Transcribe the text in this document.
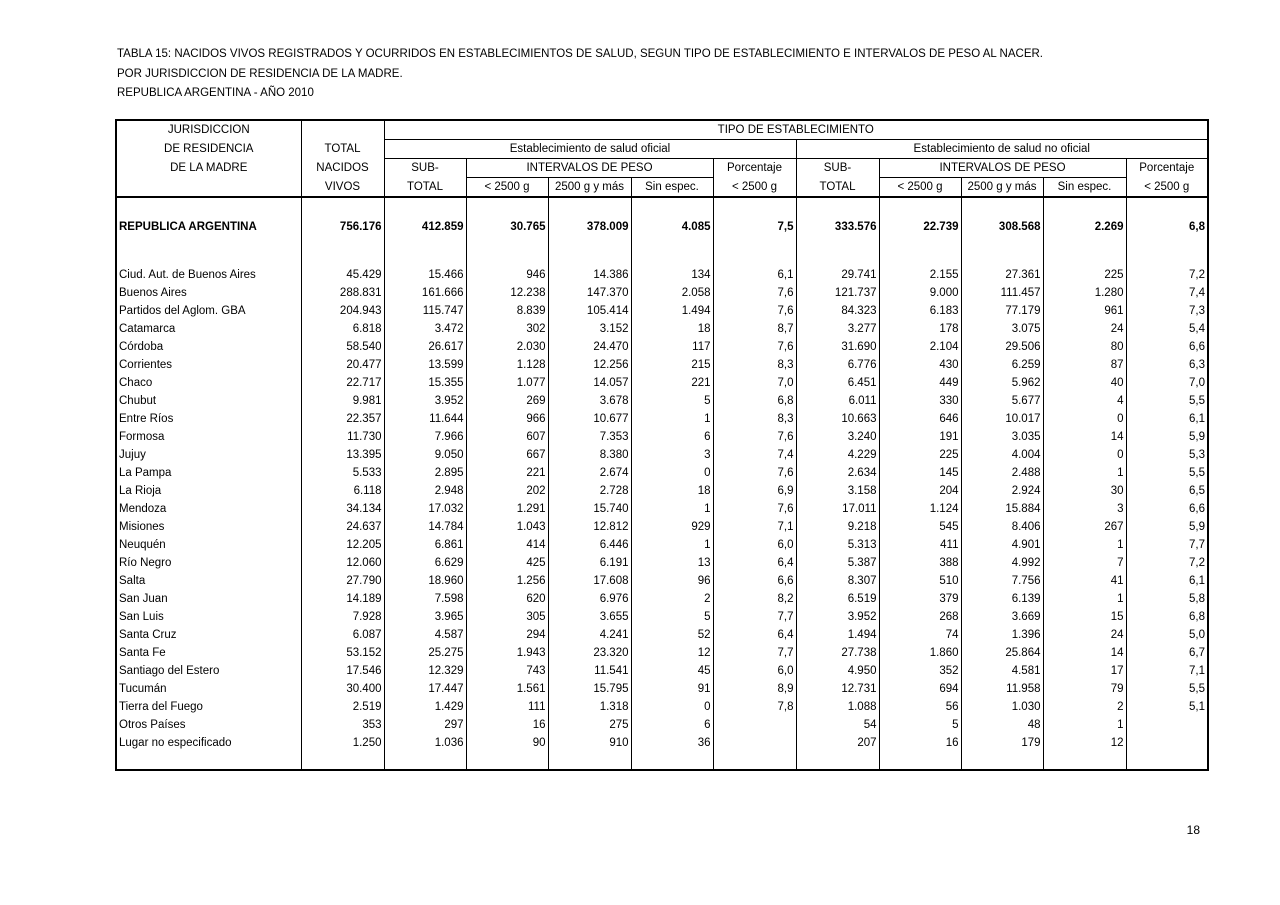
TABLA 15: NACIDOS VIVOS REGISTRADOS Y OCURRIDOS EN ESTABLECIMIENTOS DE SALUD, SEGUN TIPO DE ESTABLECIMIENTO E INTERVALOS DE PESO AL NACER.
POR JURISDICCION DE RESIDENCIA DE LA MADRE.
REPUBLICA ARGENTINA - AÑO 2010
JURISDICCION		TIPO DE ESTABLECIMIENTO									
DE RESIDENCIA	TOTAL	Establecimiento de salud oficial					Establecimiento de salud no oficial				
DE LA MADRE	NACIDOS	SUB-	INTERVALOS DE PESO			Porcentaje	SUB-	INTERVALOS DE PESO			Porcentaje
	VIVOS	TOTAL	< 2500 g	2500 g y más	Sin espec.	< 2500 g	TOTAL	< 2500 g	2500 g y más	Sin espec.	< 2500 g
REPUBLICA ARGENTINA	756.176	412.859	30.765	378.009	4.085	7,5	333.576	22.739	308.568	2.269	6,8

Ciud. Aut. de Buenos Aires	45.429	15.466	946	14.386	134	6,1	29.741	2.155	27.361	225	7,2
Buenos Aires	288.831	161.666	12.238	147.370	2.058	7,6	121.737	9.000	111.457	1.280	7,4
Partidos del Aglom. GBA	204.943	115.747	8.839	105.414	1.494	7,6	84.323	6.183	77.179	961	7,3
Catamarca	6.818	3.472	302	3.152	18	8,7	3.277	178	3.075	24	5,4
Córdoba	58.540	26.617	2.030	24.470	117	7,6	31.690	2.104	29.506	80	6,6
Corrientes	20.477	13.599	1.128	12.256	215	8,3	6.776	430	6.259	87	6,3
Chaco	22.717	15.355	1.077	14.057	221	7,0	6.451	449	5.962	40	7,0
Chubut	9.981	3.952	269	3.678	5	6,8	6.011	330	5.677	4	5,5
Entre Ríos	22.357	11.644	966	10.677	1	8,3	10.663	646	10.017	0	6,1
Formosa	11.730	7.966	607	7.353	6	7,6	3.240	191	3.035	14	5,9
Jujuy	13.395	9.050	667	8.380	3	7,4	4.229	225	4.004	0	5,3
La Pampa	5.533	2.895	221	2.674	0	7,6	2.634	145	2.488	1	5,5
La Rioja	6.118	2.948	202	2.728	18	6,9	3.158	204	2.924	30	6,5
Mendoza	34.134	17.032	1.291	15.740	1	7,6	17.011	1.124	15.884	3	6,6
Misiones	24.637	14.784	1.043	12.812	929	7,1	9.218	545	8.406	267	5,9
Neuquén	12.205	6.861	414	6.446	1	6,0	5.313	411	4.901	1	7,7
Río Negro	12.060	6.629	425	6.191	13	6,4	5.387	388	4.992	7	7,2
Salta	27.790	18.960	1.256	17.608	96	6,6	8.307	510	7.756	41	6,1
San Juan	14.189	7.598	620	6.976	2	8,2	6.519	379	6.139	1	5,8
San Luis	7.928	3.965	305	3.655	5	7,7	3.952	268	3.669	15	6,8
Santa Cruz	6.087	4.587	294	4.241	52	6,4	1.494	74	1.396	24	5,0
Santa Fe	53.152	25.275	1.943	23.320	12	7,7	27.738	1.860	25.864	14	6,7
Santiago del Estero	17.546	12.329	743	11.541	45	6,0	4.950	352	4.581	17	7,1
Tucumán	30.400	17.447	1.561	15.795	91	8,9	12.731	694	11.958	79	5,5
Tierra del Fuego	2.519	1.429	111	1.318	0	7,8	1.088	56	1.030	2	5,1
Otros Países	353	297	16	275	6		54	5	48	1	
Lugar no especificado	1.250	1.036	90	910	36		207	16	179	12	

18
